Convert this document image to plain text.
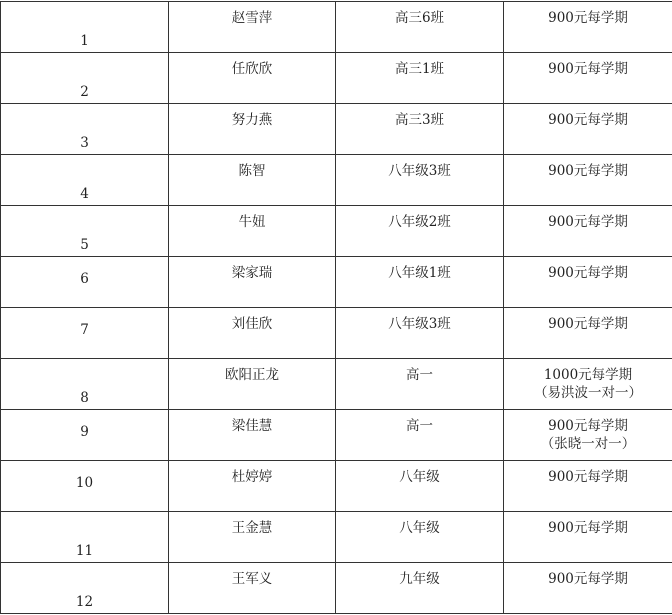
1	赵雪萍	高三6班	900元每学期

2	任欣欣	高三1班	900元每学期

3	努力燕	高三3班	900元每学期

4	陈智	八年级3班	900元每学期

5	牛妞	八年级2班	900元每学期

6	梁家瑞	八年级1班	900元每学期

7	刘佳欣	八年级3班	900元每学期

8	欧阳正龙	高一	1000元每学期
（易洪波一对一）

9	梁佳慧	高一	900元每学期
（张晓一对一）

10	杜婷婷	八年级	900元每学期

11	王金慧	八年级	900元每学期

12	王军义	九年级	900元每学期
